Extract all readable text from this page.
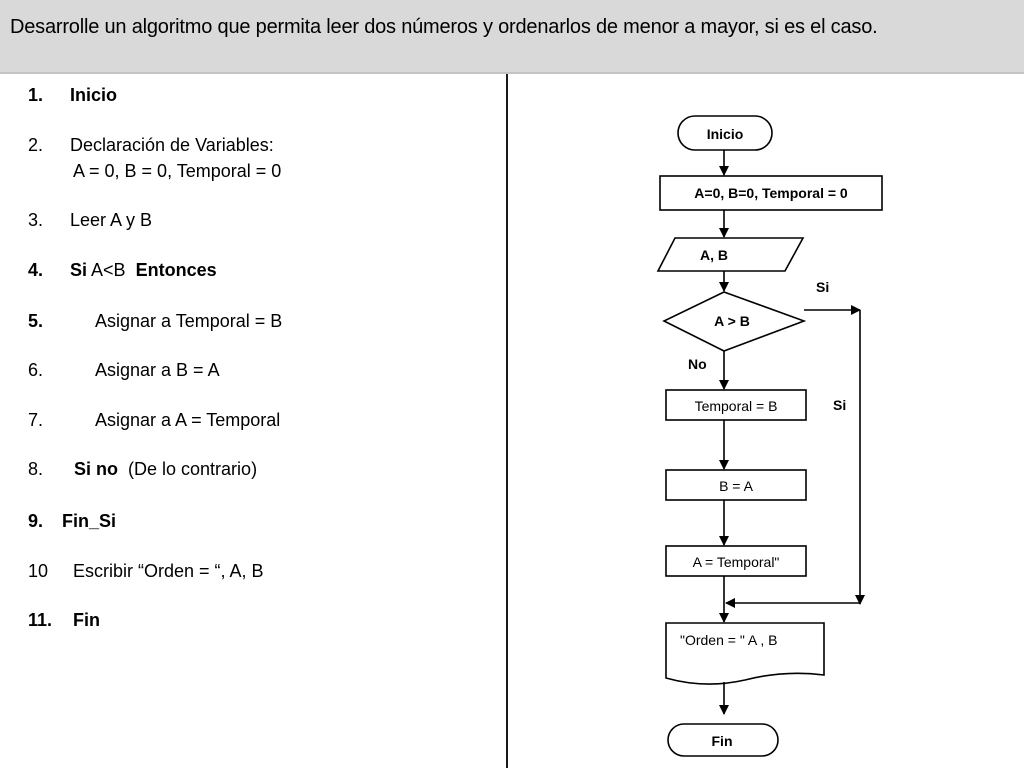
Desarrolle un algoritmo que permita leer dos números y ordenarlos de menor a mayor, si es el caso.
1. Inicio
2. Declaración de Variables:
A = 0, B = 0, Temporal = 0
3. Leer A y B
4. Si A<B Entonces
5.	Asignar a Temporal = B
6.	Asignar a B = A
7.	Asignar a A = Temporal
8. Si no (De lo contrario)
9. Fin_Si
10 Escribir “Orden = “, A, B
11. Fin
Inicio
A=0, B=0, Temporal = 0
A, B
A > B
Si
Si
No
Temporal = B
B = A
A = Temporal"
"Orden = " A , B
Fin
